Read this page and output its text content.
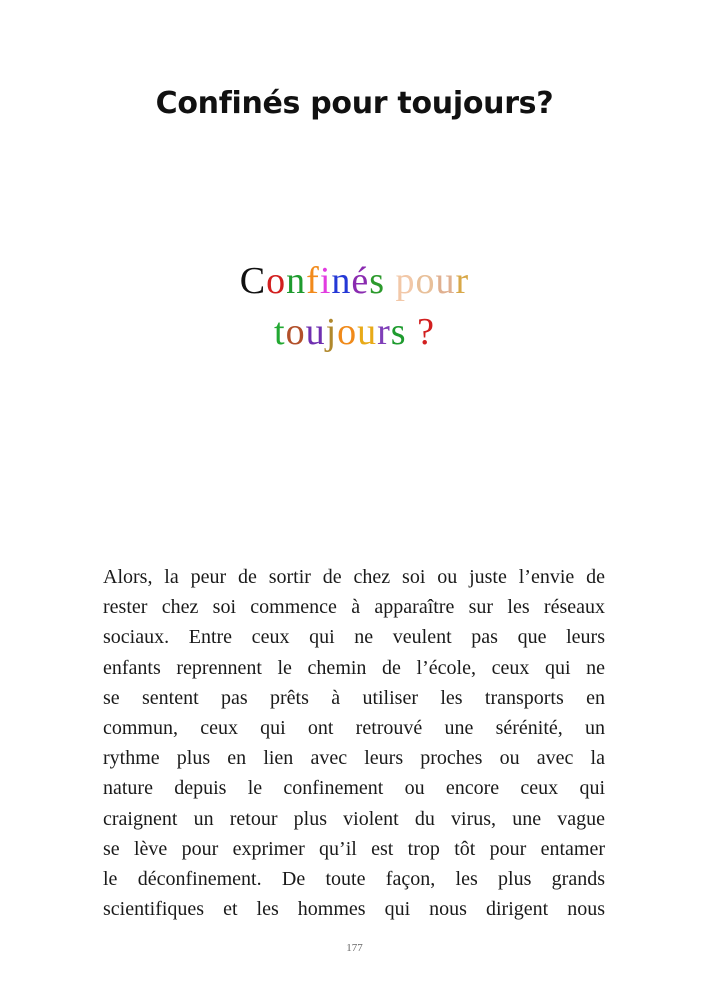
Confinés pour toujours?
Confinés pour
toujours ?
Alors, la peur de sortir de chez soi ou juste l’envie de
rester chez soi commence à apparaître sur les réseaux
sociaux. Entre ceux qui ne veulent pas que leurs
enfants reprennent le chemin de l’école, ceux qui ne
se sentent pas prêts à utiliser les transports en
commun, ceux qui ont retrouvé une sérénité, un
rythme plus en lien avec leurs proches ou avec la
nature depuis le confinement ou encore ceux qui
craignent un retour plus violent du virus, une vague
se lève pour exprimer qu’il est trop tôt pour entamer
le déconfinement. De toute façon, les plus grands
scientifiques et les hommes qui nous dirigent nous
177
